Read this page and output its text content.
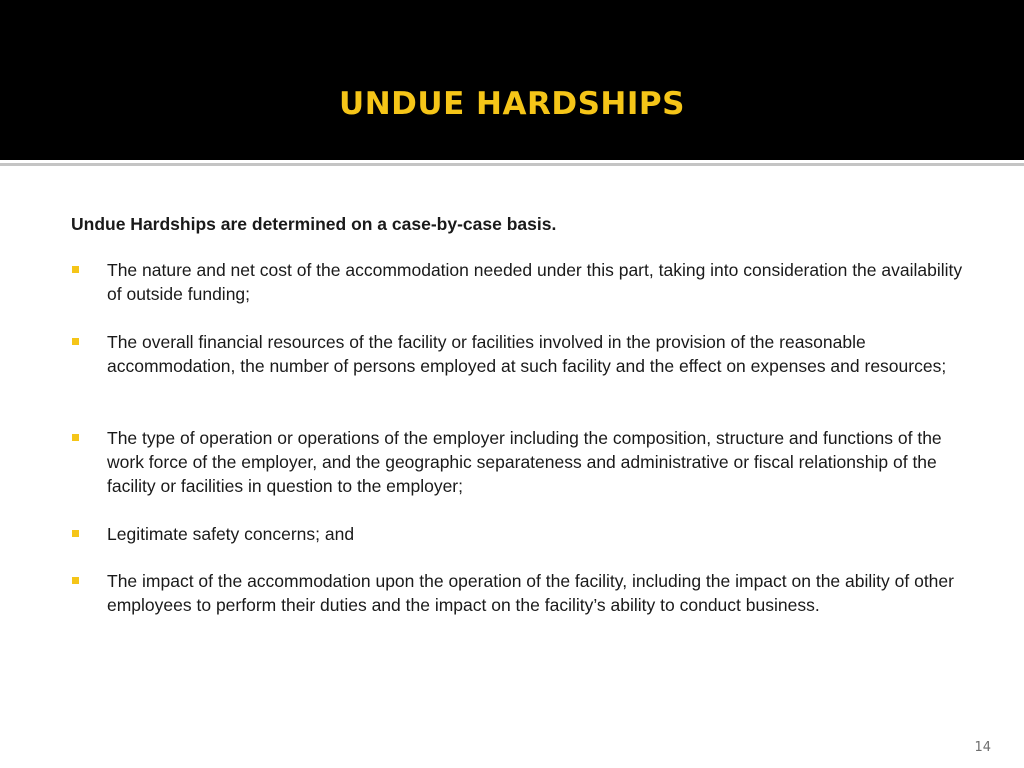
UNDUE HARDSHIPS
Undue Hardships are determined on a case-by-case basis.
The nature and net cost of the accommodation needed under this part, taking into consideration the availability of outside funding;
The overall financial resources of the facility or facilities involved in the provision of the reasonable accommodation, the number of persons employed at such facility and the effect on expenses and resources;
The type of operation or operations of the employer including the composition, structure and functions of the work force of the employer, and the geographic separateness and administrative or fiscal relationship of the facility or facilities in question to the employer;
Legitimate safety concerns; and
The impact of the accommodation upon the operation of the facility, including the impact on the ability of other employees to perform their duties and the impact on the facility’s ability to conduct business.
14
